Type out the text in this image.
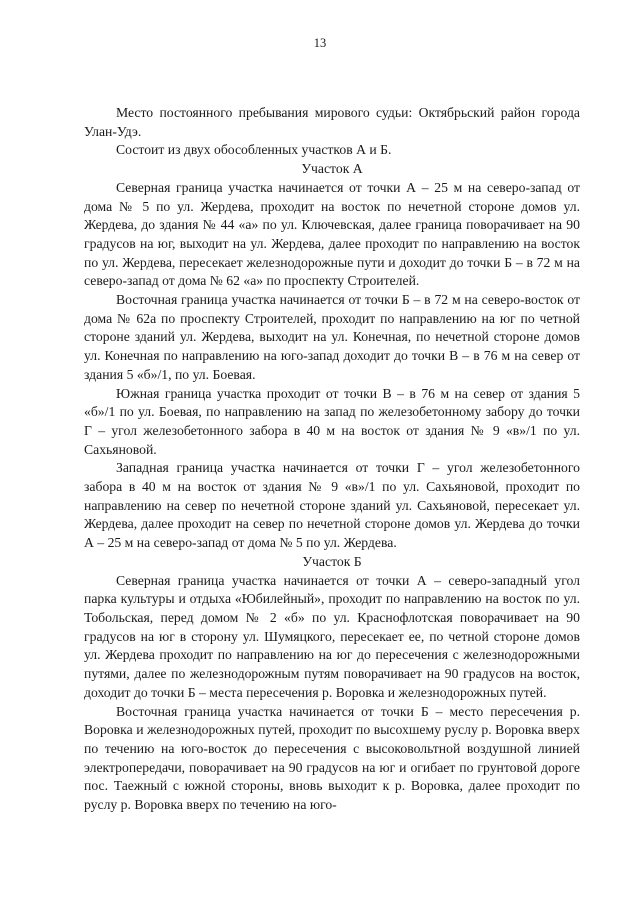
13

Место постоянного пребывания мирового судьи: Октябрьский район города Улан-Удэ.

Состоит из двух обособленных участков А и Б.

Участок А

Северная граница участка начинается от точки А – 25 м на северо-запад от дома № 5 по ул. Жердева, проходит на восток по нечетной стороне домов ул. Жердева, до здания № 44 «а» по ул. Ключевская, далее граница поворачивает на 90 градусов на юг, выходит на ул. Жердева, далее проходит по направлению на восток по ул. Жердева, пересекает железнодорожные пути и доходит до точки Б – в 72 м на северо-запад от дома № 62 «а» по проспекту Строителей.

Восточная граница участка начинается от точки Б – в 72 м на северо-восток от дома № 62а по проспекту Строителей, проходит по направлению на юг по четной стороне зданий ул. Жердева, выходит на ул. Конечная, по нечетной стороне домов ул. Конечная по направлению на юго-запад доходит до точки В – в 76 м на север от здания 5 «б»/1, по ул. Боевая.

Южная граница участка проходит от точки В – в 76 м на север от здания 5 «б»/1 по ул. Боевая, по направлению на запад по железобетонному забору до точки Г – угол железобетонного забора в 40 м на восток от здания № 9 «в»/1 по ул. Сахьяновой.

Западная граница участка начинается от точки Г – угол железобетонного забора в 40 м на восток от здания № 9 «в»/1 по ул. Сахьяновой, проходит по направлению на север по нечетной стороне зданий ул. Сахьяновой, пересекает ул. Жердева, далее проходит на север по нечетной стороне домов ул. Жердева до точки А – 25 м на северо-запад от дома № 5 по ул. Жердева.

Участок Б

Северная граница участка начинается от точки А – северо-западный угол парка культуры и отдыха «Юбилейный», проходит по направлению на восток по ул. Тобольская, перед домом № 2 «б» по ул. Краснофлотская поворачивает на 90 градусов на юг в сторону ул. Шумяцкого, пересекает ее, по четной стороне домов ул. Жердева проходит по направлению на юг до пересечения с железнодорожными путями, далее по железнодорожным путям поворачивает на 90 градусов на восток, доходит до точки Б – места пересечения р. Воровка и железнодорожных путей.

Восточная граница участка начинается от точки Б – место пересечения р. Воровка и железнодорожных путей, проходит по высохшему руслу р. Воровка вверх по течению на юго-восток до пересечения с высоковольтной воздушной линией электропередачи, поворачивает на 90 градусов на юг и огибает по грунтовой дороге пос. Таежный с южной стороны, вновь выходит к р. Воровка, далее проходит по руслу р. Воровка вверх по течению на юго-
